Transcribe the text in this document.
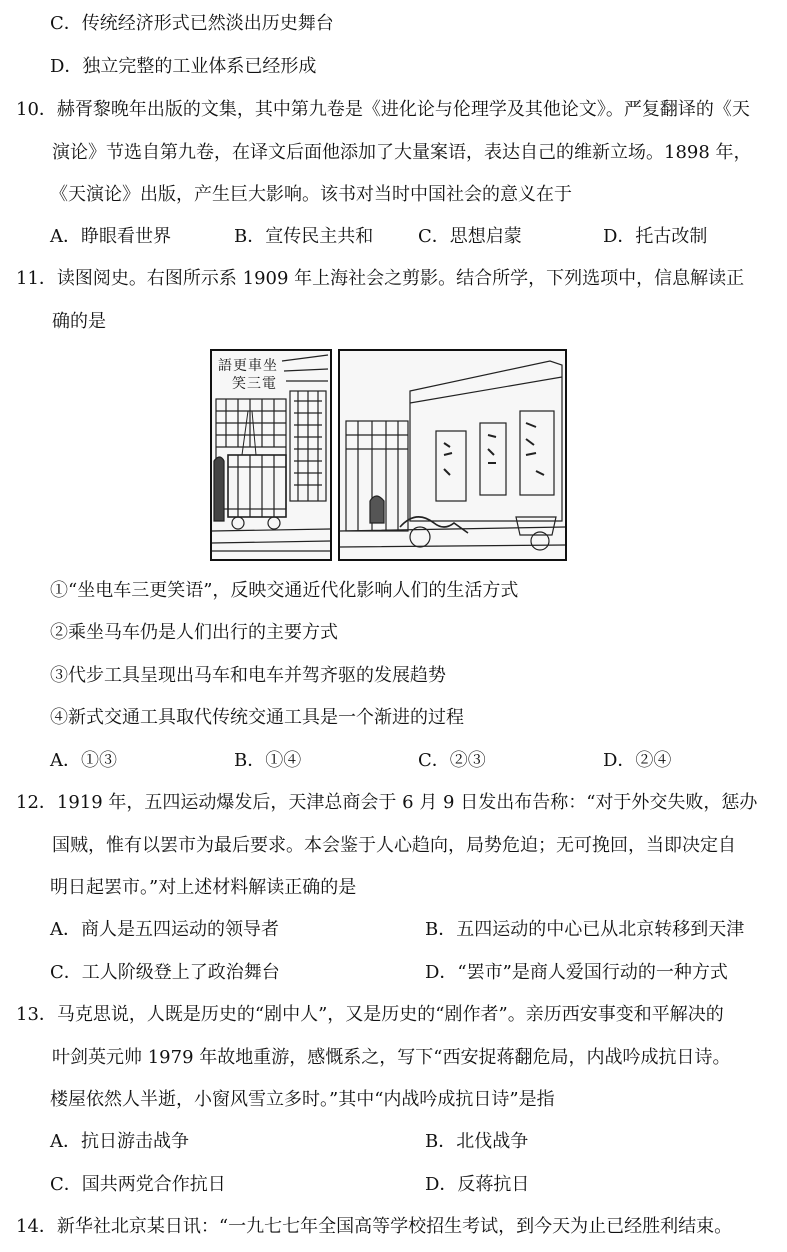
C．传统经济形式已然淡出历史舞台
D．独立完整的工业体系已经形成
10．赫胥黎晚年出版的文集，其中第九卷是《进化论与伦理学及其他论文》。严复翻译的《天
演论》节选自第九卷，在译文后面他添加了大量案语，表达自己的维新立场。1898 年，
《天演论》出版，产生巨大影响。该书对当时中国社会的意义在于
A．睁眼看世界	B．宣传民主共和 C．思想启蒙	D．托古改制
11．读图阅史。右图所示系 1909 年上海社会之剪影。结合所学，下列选项中，信息解读正
确的是
語更車坐
笑三電
①“坐电车三更笑语”，反映交通近代化影响人们的生活方式
②乘坐马车仍是人们出行的主要方式
③代步工具呈现出马车和电车并驾齐驱的发展趋势
④新式交通工具取代传统交通工具是一个渐进的过程
A．①③	B．①④	C．②③	D．②④
12．1919 年，五四运动爆发后，天津总商会于 6 月 9 日发出布告称：“对于外交失败，惩办
国贼，惟有以罢市为最后要求。本会鉴于人心趋向，局势危迫；无可挽回，当即决定自
明日起罢市。”对上述材料解读正确的是
A．商人是五四运动的领导者	B．五四运动的中心已从北京转移到天津
C．工人阶级登上了政治舞台	D．“罢市”是商人爱国行动的一种方式
13．马克思说，人既是历史的“剧中人”，又是历史的“剧作者”。亲历西安事变和平解决的
叶剑英元帅 1979 年故地重游，感慨系之，写下“西安捉蒋翻危局，内战吟成抗日诗。
楼屋依然人半逝，小窗风雪立多时。”其中“内战吟成抗日诗”是指
A．抗日游击战争	B．北伐战争
C．国共两党合作抗日	D．反蒋抗日
14．新华社北京某日讯：“一九七七年全国高等学校招生考试，到今天为止已经胜利结束。
